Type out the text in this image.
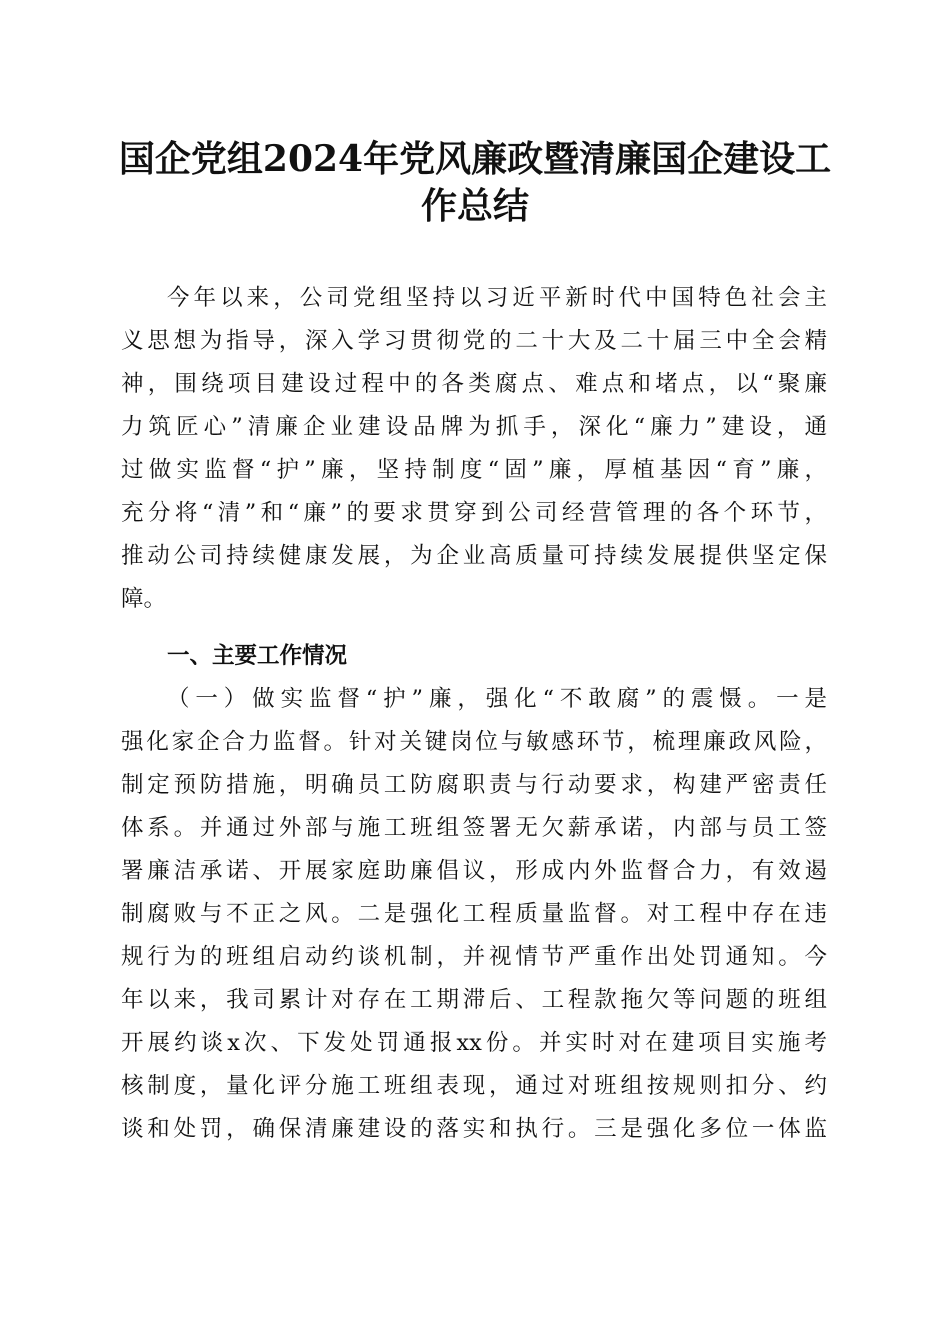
国企党组2024年党风廉政暨清廉国企建设工
作总结
今年以来，公司党组坚持以习近平新时代中国特色社会主
义思想为指导，深入学习贯彻党的二十大及二十届三中全会精
神，围绕项目建设过程中的各类腐点、难点和堵点，以“聚廉
力筑匠心”清廉企业建设品牌为抓手，深化“廉力”建设，通
过做实监督“护”廉，坚持制度“固”廉，厚植基因“育”廉，
充分将“清”和“廉”的要求贯穿到公司经营管理的各个环节，
推动公司持续健康发展，为企业高质量可持续发展提供坚定保
障。
一、主要工作情况
（一）做实监督“护”廉，强化“不敢腐”的震慑。一是
强化家企合力监督。针对关键岗位与敏感环节，梳理廉政风险，
制定预防措施，明确员工防腐职责与行动要求，构建严密责任
体系。并通过外部与施工班组签署无欠薪承诺，内部与员工签
署廉洁承诺、开展家庭助廉倡议，形成内外监督合力，有效遏
制腐败与不正之风。二是强化工程质量监督。对工程中存在违
规行为的班组启动约谈机制，并视情节严重作出处罚通知。今
年以来，我司累计对存在工期滞后、工程款拖欠等问题的班组
开展约谈x次、下发处罚通报xx份。并实时对在建项目实施考
核制度，量化评分施工班组表现，通过对班组按规则扣分、约
谈和处罚，确保清廉建设的落实和执行。三是强化多位一体监
